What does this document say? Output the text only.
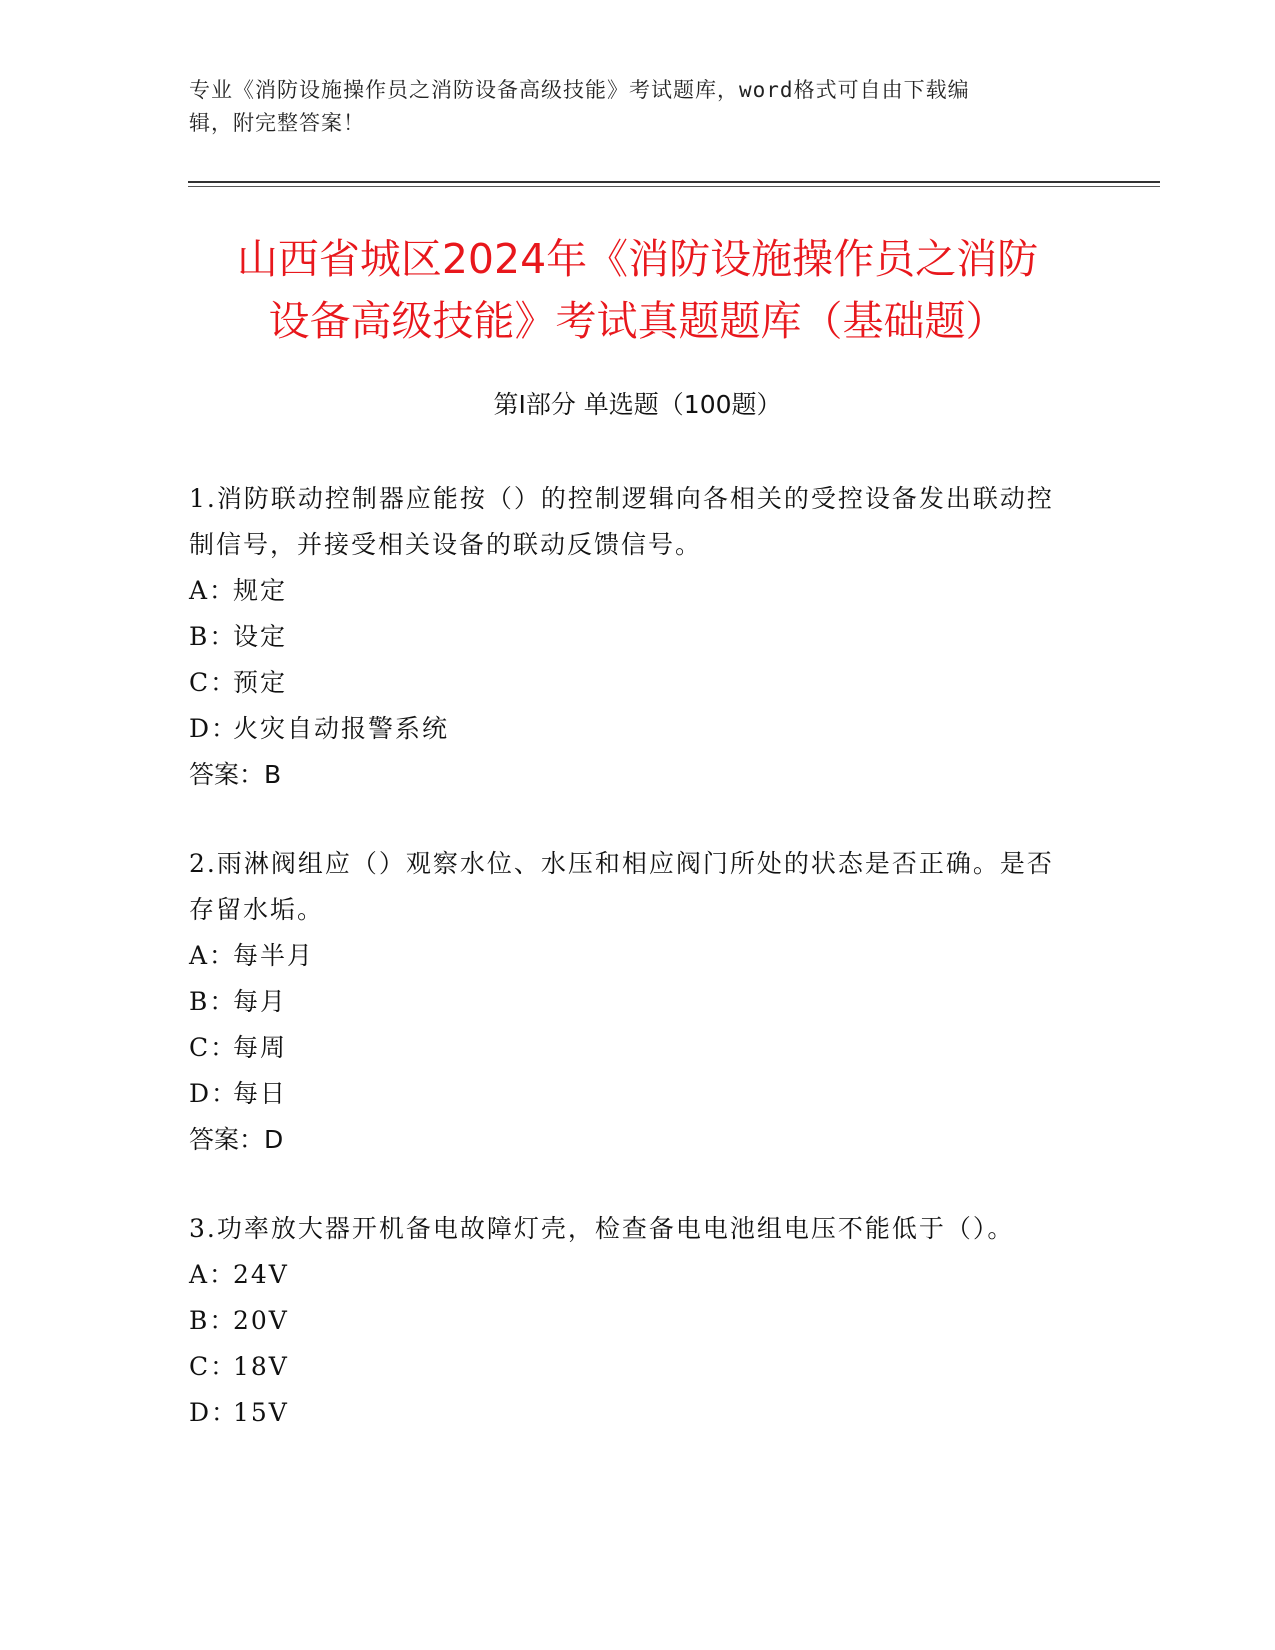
专业《消防设施操作员之消防设备高级技能》考试题库，word格式可自由下载编
辑，附完整答案！
山西省城区2024年《消防设施操作员之消防
设备高级技能》考试真题题库（基础题）
第Ⅰ部分 单选题（100题）

1.消防联动控制器应能按（）的控制逻辑向各相关的受控设备发出联动控制信号，并接受相关设备的联动反馈信号。

A：规定

B：设定

C：预定

D：火灾自动报警系统

答案：B

2.雨淋阀组应（）观察水位、水压和相应阀门所处的状态是否正确。是否存留水垢。

A：每半月

B：每月

C：每周

D：每日

答案：D

3.功率放大器开机备电故障灯壳，检查备电电池组电压不能低于（）。

A：24V

B：20V

C：18V

D：15V
